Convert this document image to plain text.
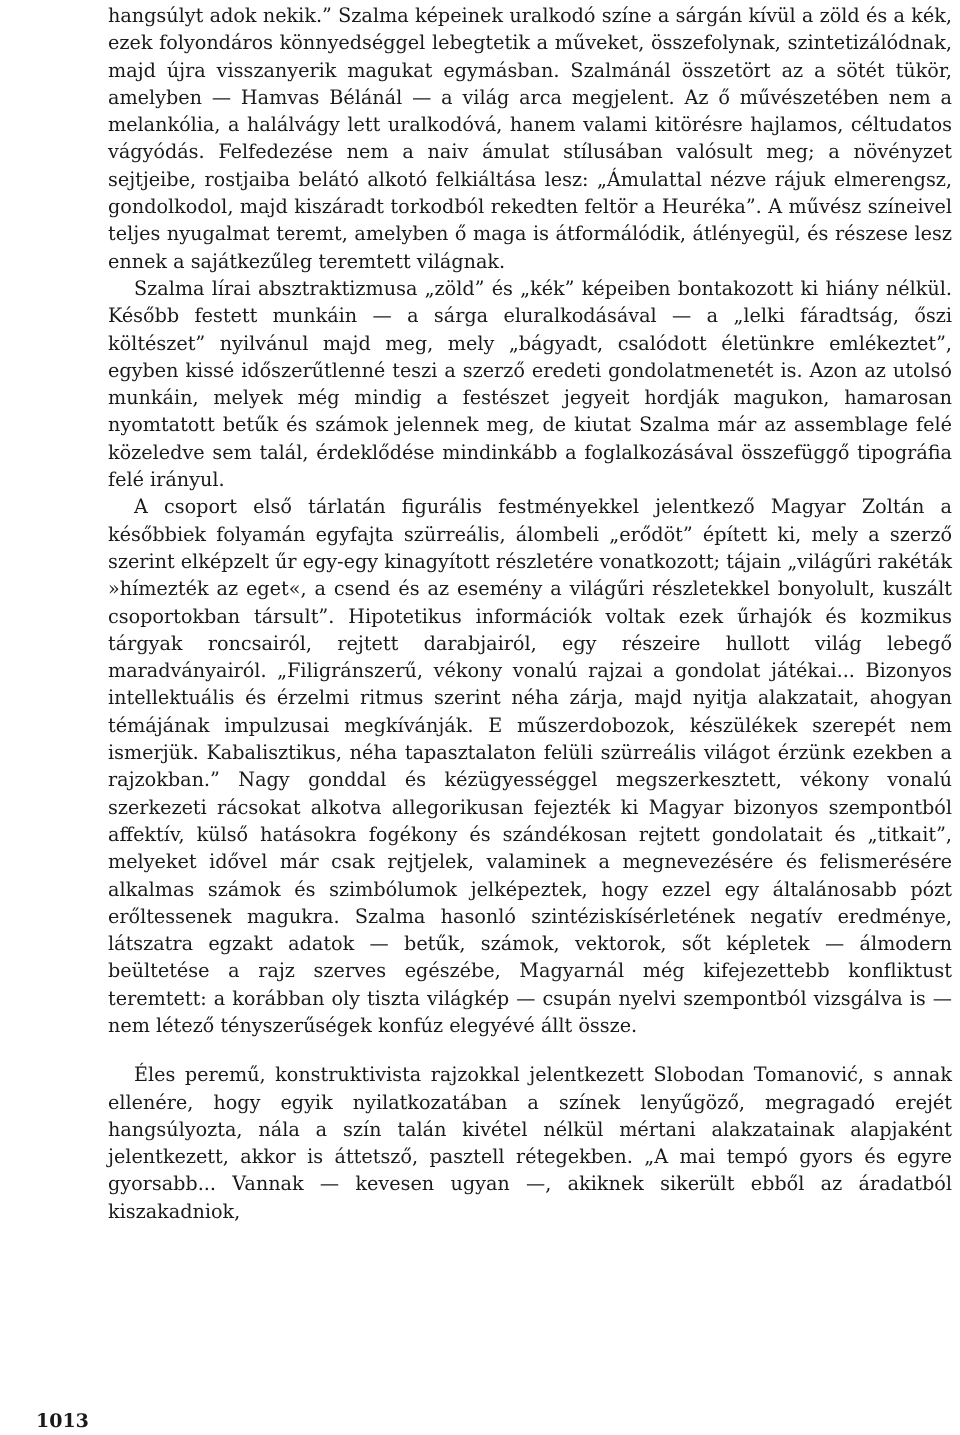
hangsúlyt adok nekik.” Szalma képeinek uralkodó színe a sárgán kívül a zöld és a kék, ezek folyondáros könnyedséggel lebegtetik a műveket, összefolynak, szintetizálódnak, majd újra visszanyerik magukat egymásban. Szalmánál összetört az a sötét tükör, amelyben — Hamvas Bélánál — a világ arca megjelent. Az ő művészetében nem a melankólia, a halálvágy lett uralkodóvá, hanem valami kitörésre hajlamos, céltudatos vágyódás. Felfedezése nem a naiv ámulat stílusában valósult meg; a növényzet sejtjeibe, rostjaiba belátó alkotó felkiáltása lesz: „Ámulattal nézve rájuk elmerengsz, gondolkodol, majd kiszáradt torkodból rekedten feltör a Heuréka”. A művész színeivel teljes nyugalmat teremt, amelyben ő maga is átformálódik, átlényegül, és részese lesz ennek a sajátkezűleg teremtett világnak.

Szalma lírai absztraktizmusa „zöld” és „kék” képeiben bontakozott ki hiány nélkül. Később festett munkáin — a sárga eluralkodásával — a „lelki fáradtság, őszi költészet” nyilvánul majd meg, mely „bágyadt, csalódott életünkre emlékeztet”, egyben kissé időszerűtlenné teszi a szerző eredeti gondolatmenetét is. Azon az utolsó munkáin, melyek még mindig a festészet jegyeit hordják magukon, hamarosan nyomtatott betűk és számok jelennek meg, de kiutat Szalma már az assemblage felé közeledve sem talál, érdeklődése mindinkább a foglalkozásával összefüggő tipográfia felé irányul.

A csoport első tárlatán figurális festményekkel jelentkező Magyar Zoltán a későbbiek folyamán egyfajta szürreális, álombeli „erődöt” épített ki, mely a szerző szerint elképzelt űr egy-egy kinagyított részletére vonatkozott; tájain „világűri rakéták »hímezték az eget«, a csend és az esemény a világűri részletekkel bonyolult, kuszált csoportokban társult”. Hipotetikus információk voltak ezek űrhajók és kozmikus tárgyak roncsairól, rejtett darabjairól, egy részeire hullott világ lebegő maradványairól. „Filigránszerű, vékony vonalú rajzai a gondolat játékai... Bizonyos intellektuális és érzelmi ritmus szerint néha zárja, majd nyitja alakzatait, ahogyan témájának impulzusai megkívánják. E műszerdobozok, készülékek szerepét nem ismerjük. Kabalisztikus, néha tapasztalaton felüli szürreális világot érzünk ezekben a rajzokban.” Nagy gonddal és kézügyességgel megszerkesztett, vékony vonalú szerkezeti rácsokat alkotva allegorikusan fejezték ki Magyar bizonyos szempontból affektív, külső hatásokra fogékony és szándékosan rejtett gondolatait és „titkait”, melyeket idővel már csak rejtjelek, valaminek a megnevezésére és felismerésére alkalmas számok és szimbólumok jelképeztek, hogy ezzel egy általánosabb pózt erőltessenek magukra. Szalma hasonló szintéziskísérletének negatív eredménye, látszatra egzakt adatok — betűk, számok, vektorok, sőt képletek — álmodern beültetése a rajz szerves egészébe, Magyarnál még kifejezettebb konfliktust teremtett: a korábban oly tiszta világkép — csupán nyelvi szempontból vizsgálva is — nem létező tényszerűségek konfúz elegyévé állt össze.

Éles peremű, konstruktivista rajzokkal jelentkezett Slobodan Tomanović, s annak ellenére, hogy egyik nyilatkozatában a színek lenyűgöző, megragadó erejét hangsúlyozta, nála a szín talán kivétel nélkül mértani alakzatainak alapjaként jelentkezett, akkor is áttetsző, pasztell rétegekben. „A mai tempó gyors és egyre gyorsabb... Vannak — kevesen ugyan —, akiknek sikerült ebből az áradatból kiszakadniok,

1013
